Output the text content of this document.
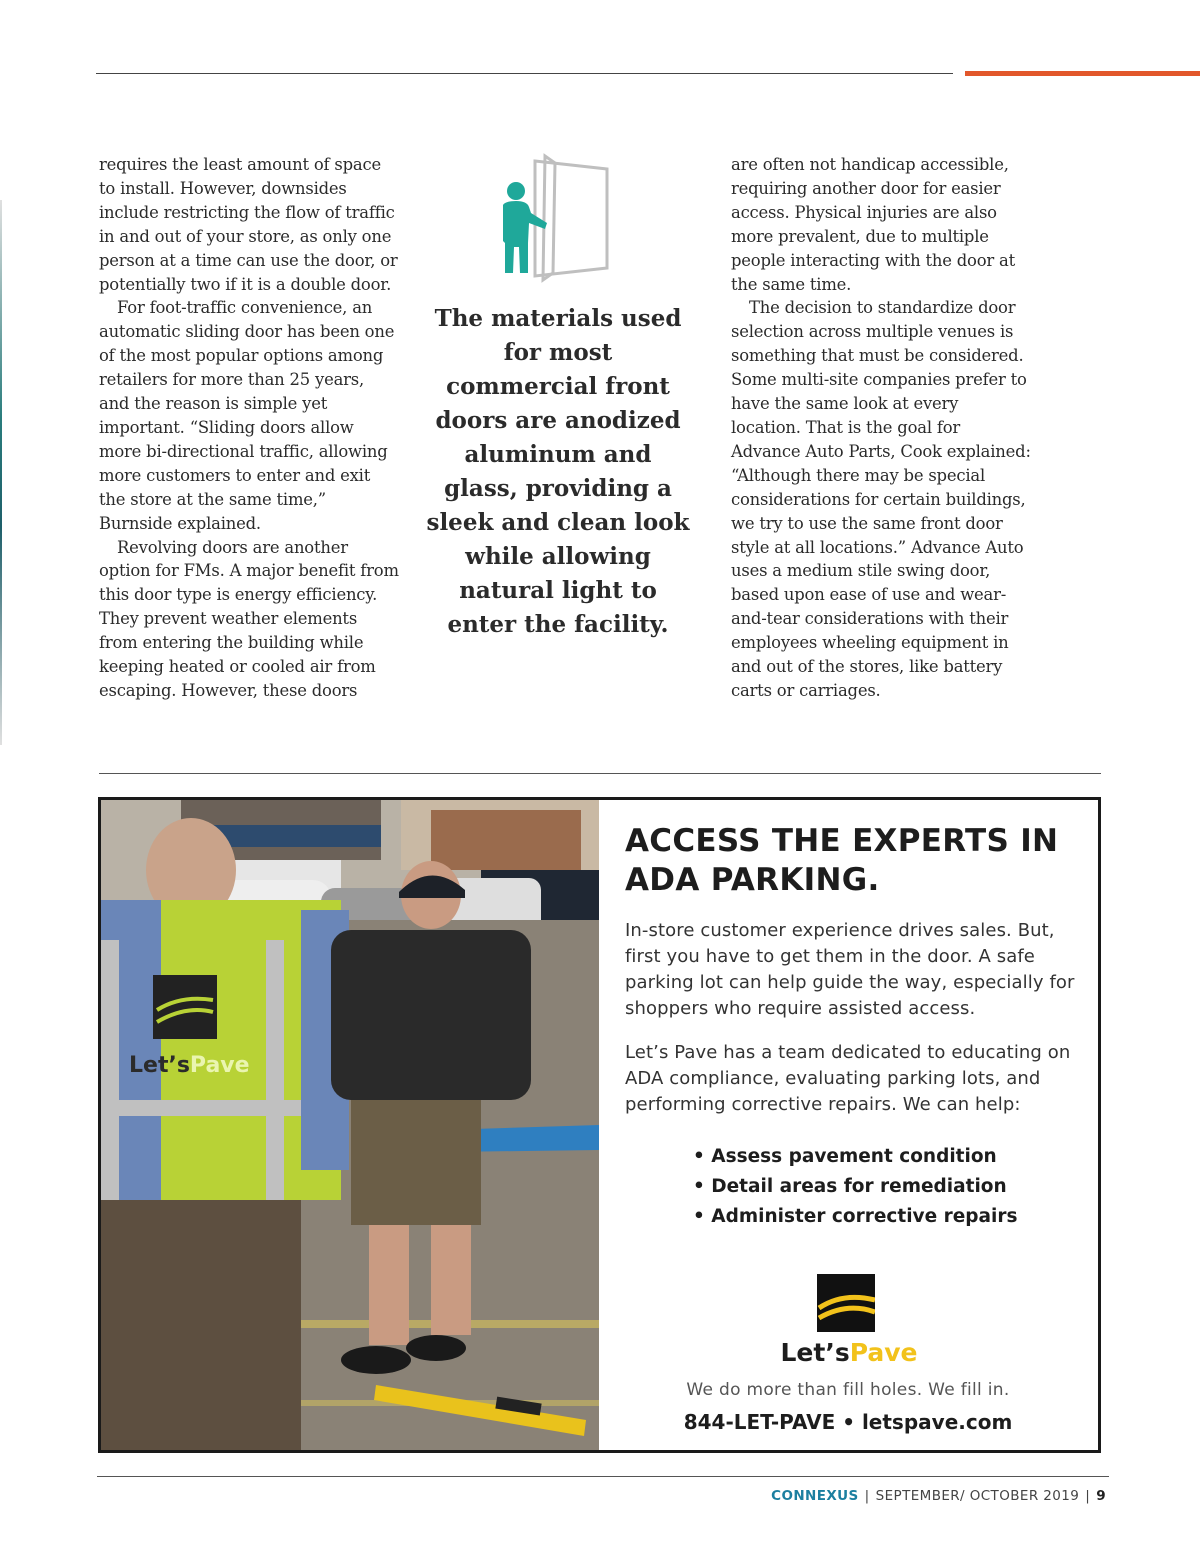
requires the least amount of space to install. However, downsides include restricting the flow of traffic in and out of your store, as only one person at a time can use the door, or potentially two if it is a double door.

For foot-traffic convenience, an automatic sliding door has been one of the most popular options among retailers for more than 25 years, and the reason is simple yet important. “Sliding doors allow more bi-directional traffic, allowing more customers to enter and exit the store at the same time,” Burnside explained.

Revolving doors are another option for FMs. A major benefit from this door type is energy efficiency. They prevent weather elements from entering the building while keeping heated or cooled air from escaping. However, these doors

The materials used for most commercial front doors are anodized aluminum and glass, providing a sleek and clean look while allowing natural light to enter the facility.

are often not handicap accessible, requiring another door for easier access. Physical injuries are also more prevalent, due to multiple people interacting with the door at the same time.

The decision to standardize door selection across multiple venues is something that must be considered. Some multi-site companies prefer to have the same look at every location. That is the goal for Advance Auto Parts, Cook explained: “Although there may be special considerations for certain buildings, we try to use the same front door style at all locations.” Advance Auto uses a medium stile swing door, based upon ease of use and wear-and-tear considerations with their employees wheeling equipment in and out of the stores, like battery carts or carriages.

Let’sPave
ACCESS THE EXPERTS IN
ADA PARKING.

In-store customer experience drives sales. But, first you have to get them in the door. A safe parking lot can help guide the way, especially for shoppers who require assisted access.

Let’s Pave has a team dedicated to educating on ADA compliance, evaluating parking lots, and performing corrective repairs. We can help:

• Assess pavement condition
• Detail areas for remediation
• Administer corrective repairs
Let’sPave
We do more than fill holes. We fill in.
844-LET-PAVE • letspave.com
CONNEXUS | SEPTEMBER/ OCTOBER 2019 | 9
